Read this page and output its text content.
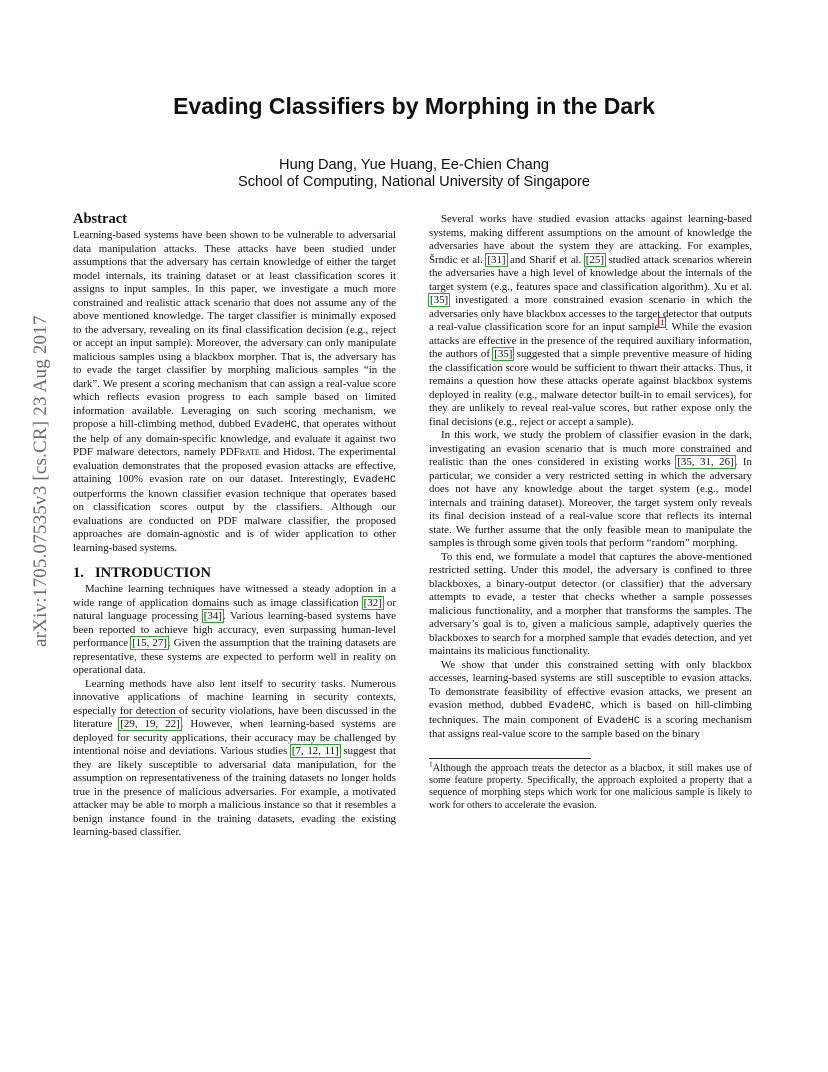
arXiv:1705.07535v3 [cs.CR] 23 Aug 2017
Evading Classifiers by Morphing in the Dark
Hung Dang, Yue Huang, Ee-Chien Chang
School of Computing, National University of Singapore
Abstract

Learning-based systems have been shown to be vulnerable to adversarial data manipulation attacks. These attacks have been studied under assumptions that the adversary has certain knowledge of either the target model internals, its training dataset or at least classification scores it assigns to input samples. In this paper, we investigate a much more constrained and realistic attack scenario that does not assume any of the above mentioned knowledge. The target classifier is minimally exposed to the adversary, revealing on its final classification decision (e.g., reject or accept an input sample). Moreover, the adversary can only manipulate malicious samples using a blackbox morpher. That is, the adversary has to evade the target classifier by morphing malicious samples “in the dark”. We present a scoring mechanism that can assign a real-value score which reflects evasion progress to each sample based on limited information available. Leveraging on such scoring mechanism, we propose a hill-climbing method, dubbed EvadeHC, that operates without the help of any domain-specific knowledge, and evaluate it against two PDF malware detectors, namely PDFrate and Hidost. The experimental evaluation demonstrates that the proposed evasion attacks are effective, attaining 100% evasion rate on our dataset. Interestingly, EvadeHC outperforms the known classifier evasion technique that operates based on classification scores output by the classifiers. Although our evaluations are conducted on PDF malware classifier, the proposed approaches are domain-agnostic and is of wider application to other learning-based systems.

1. INTRODUCTION

Machine learning techniques have witnessed a steady adoption in a wide range of application domains such as image classification [32] or natural language processing [34]. Various learning-based systems have been reported to achieve high accuracy, even surpassing human-level performance [15, 27]. Given the assumption that the training datasets are representative, these systems are expected to perform well in reality on operational data.

Learning methods have also lent itself to security tasks. Numerous innovative applications of machine learning in security contexts, especially for detection of security violations, have been discussed in the literature [29, 19, 22]. However, when learning-based systems are deployed for security applications, their accuracy may be challenged by intentional noise and deviations. Various studies [7, 12, 11] suggest that they are likely susceptible to adversarial data manipulation, for the assumption on representativeness of the training datasets no longer holds true in the presence of malicious adversaries. For example, a motivated attacker may be able to morph a malicious instance so that it resembles a benign instance found in the training datasets, evading the existing learning-based classifier.

Several works have studied evasion attacks against learning-based systems, making different assumptions on the amount of knowledge the adversaries have about the system they are attacking. For examples, Šrndic et al. [31] and Sharif et al. [25] studied attack scenarios wherein the adversaries have a high level of knowledge about the internals of the target system (e.g., features space and classification algorithm). Xu et al. [35] investigated a more constrained evasion scenario in which the adversaries only have blackbox accesses to the target detector that outputs a real-value classification score for an input sample$^1$. While the evasion attacks are effective in the presence of the required auxiliary information, the authors of [35] suggested that a simple preventive measure of hiding the classification score would be sufficient to thwart their attacks. Thus, it remains a question how these attacks operate against blackbox systems deployed in reality (e.g., malware detector built-in to email services), for they are unlikely to reveal real-value scores, but rather expose only the final decisions (e.g., reject or accept a sample).

In this work, we study the problem of classifier evasion in the dark, investigating an evasion scenario that is much more constrained and realistic than the ones considered in existing works [35, 31, 26]. In particular, we consider a very restricted setting in which the adversary does not have any knowledge about the target system (e.g., model internals and training dataset). Moreover, the target system only reveals its final decision instead of a real-value score that reflects its internal state. We further assume that the only feasible mean to manipulate the samples is through some given tools that perform “random” morphing.

To this end, we formulate a model that captures the above-mentioned restricted setting. Under this model, the adversary is confined to three blackboxes, a binary-output detector (or classifier) that the adversary attempts to evade, a tester that checks whether a sample possesses malicious functionality, and a morpher that transforms the samples. The adversary’s goal is to, given a malicious sample, adaptively queries the blackboxes to search for a morphed sample that evades detection, and yet maintains its malicious functionality.

We show that under this constrained setting with only blackbox accesses, learning-based systems are still susceptible to evasion attacks. To demonstrate feasibility of effective evasion attacks, we present an evasion method, dubbed EvadeHC, which is based on hill-climbing techniques. The main component of EvadeHC is a scoring mechanism that assigns real-value score to the sample based on the binary

$^1$Although the approach treats the detector as a blacbox, it still makes use of some feature property. Specifically, the approach exploited a property that a sequence of morphing steps which work for one malicious sample is likely to work for others to accelerate the evasion.
